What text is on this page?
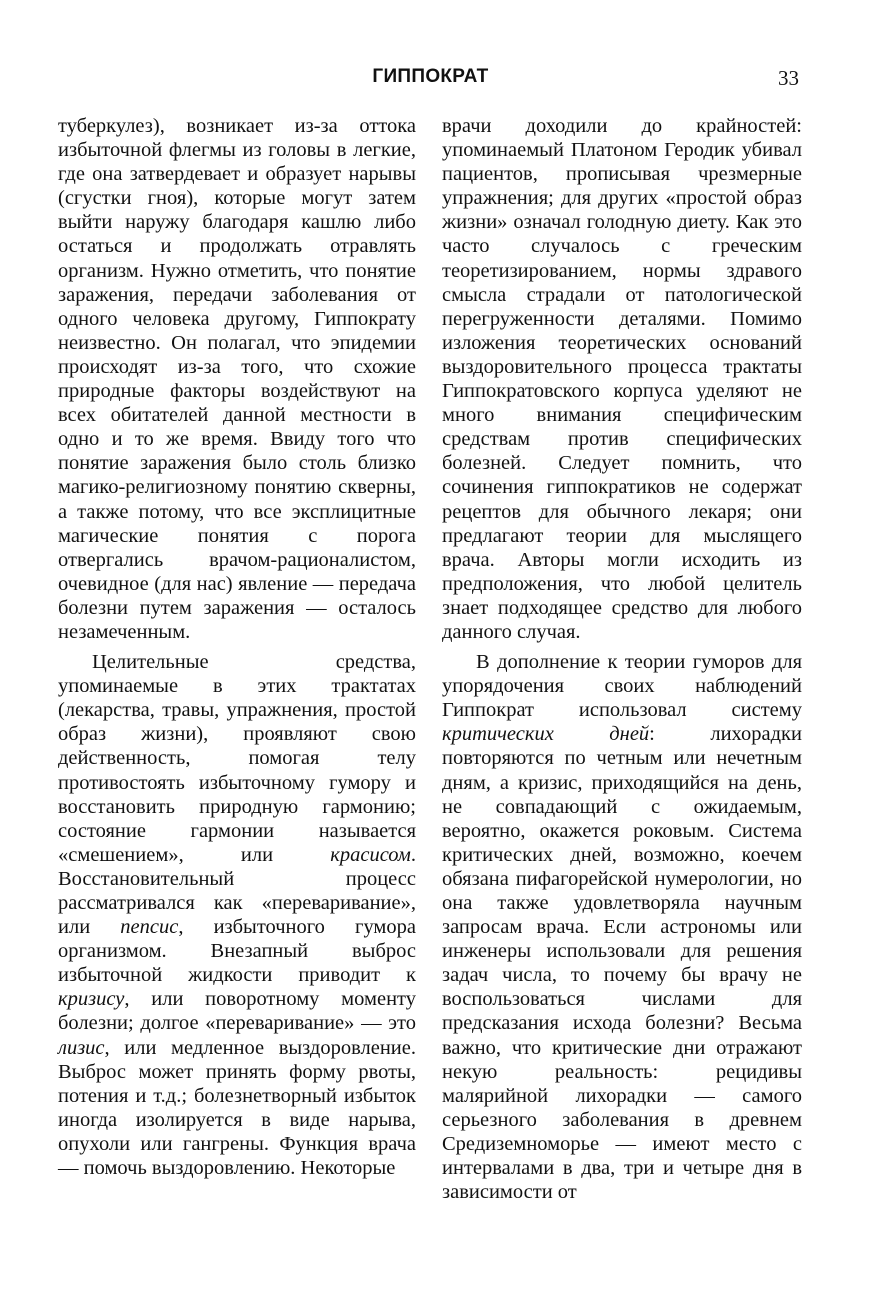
ГИППОКРАТ	33

туберкулез), возникает из-за оттока избыточной флегмы из головы в легкие, где она затвердевает и образует нарывы (сгустки гноя), которые могут затем выйти наружу благодаря кашлю либо остаться и продолжать отравлять организм. Нужно отметить, что понятие заражения, передачи заболевания от одного человека другому, Гиппократу неизвестно. Он полагал, что эпидемии происходят из-за того, что схожие природные факторы воздействуют на всех обитателей данной местности в одно и то же время. Ввиду того что понятие заражения было столь близко магико-религиозному понятию скверны, а также потому, что все эксплицитные магические понятия с порога отвергались врачом-рационалистом, очевидное (для нас) явление — передача болезни путем заражения — осталось незамеченным.

Целительные средства, упоминаемые в этих трактатах (лекарства, травы, упражнения, простой образ жизни), проявляют свою действенность, помогая телу противостоять избыточному гумору и восстановить природную гармонию; состояние гармонии называется «смешением», или красисом. Восстановительный процесс рассматривался как «переваривание», или пепсис, избыточного гумора организмом. Внезапный выброс избыточной жидкости приводит к кризису, или поворотному моменту болезни; долгое «переваривание» — это лизис, или медленное выздоровление. Выброс может принять форму рвоты, потения и т.д.; болезнетворный избыток иногда изолируется в виде нарыва, опухоли или гангрены. Функция врача — помочь выздоровлению. Некоторые

врачи доходили до крайностей: упоминаемый Платоном Геродик убивал пациентов, прописывая чрезмерные упражнения; для других «простой образ жизни» означал голодную диету. Как это часто случалось с греческим теоретизированием, нормы здравого смысла страдали от патологической перегруженности деталями. Помимо изложения теоретических оснований выздоровительного процесса трактаты Гиппократовского корпуса уделяют не много внимания специфическим средствам против специфических болезней. Следует помнить, что сочинения гиппократиков не содержат рецептов для обычного лекаря; они предлагают теории для мыслящего врача. Авторы могли исходить из предположения, что любой целитель знает подходящее средство для любого данного случая.

В дополнение к теории гуморов для упорядочения своих наблюдений Гиппократ использовал систему критических дней: лихорадки повторяются по четным или нечетным дням, а кризис, приходящийся на день, не совпадающий с ожидаемым, вероятно, окажется роковым. Система критических дней, возможно, коечем обязана пифагорейской нумерологии, но она также удовлетворяла научным запросам врача. Если астрономы или инженеры использовали для решения задач числа, то почему бы врачу не воспользоваться числами для предсказания исхода болезни? Весьма важно, что критические дни отражают некую реальность: рецидивы малярийной лихорадки — самого серьезного заболевания в древнем Средиземноморье — имеют место с интервалами в два, три и четыре дня в зависимости от
